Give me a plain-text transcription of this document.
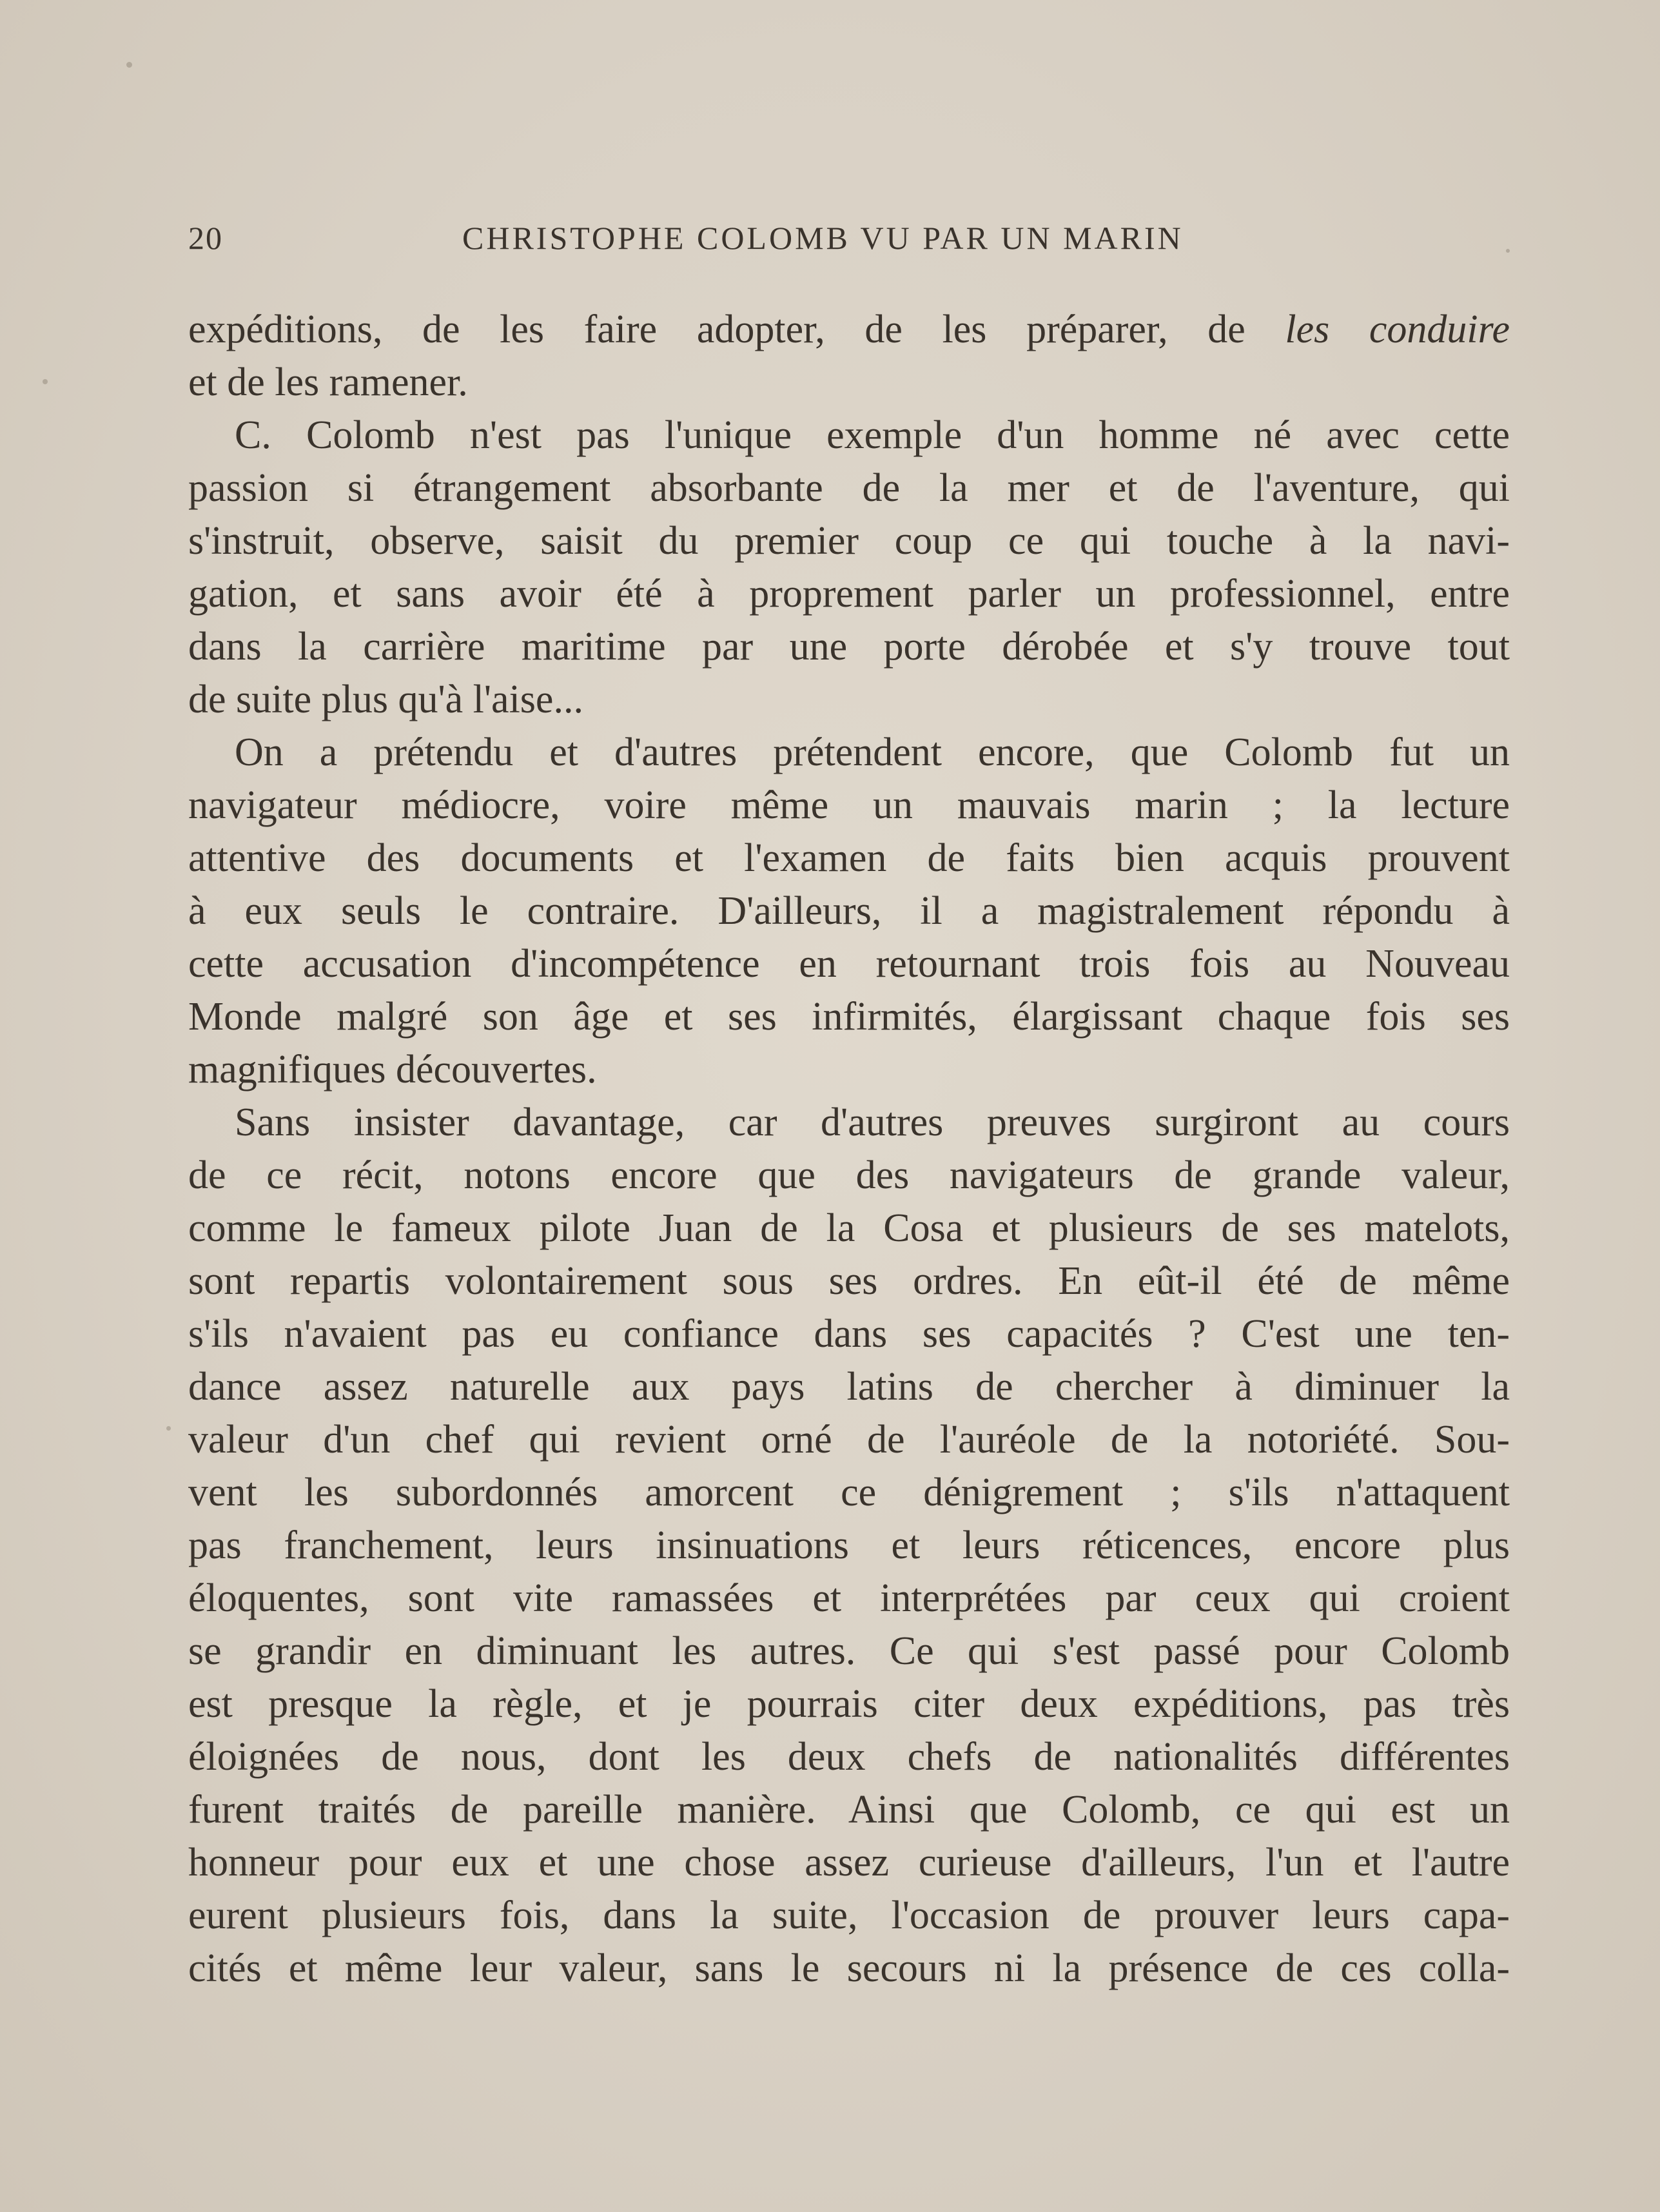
20	CHRISTOPHE COLOMB VU PAR UN MARIN
expéditions, de les faire adopter, de les préparer, de les conduire
et de les ramener.
C. Colomb n'est pas l'unique exemple d'un homme né avec cette
passion si étrangement absorbante de la mer et de l'aventure, qui
s'instruit, observe, saisit du premier coup ce qui touche à la navi-
gation, et sans avoir été à proprement parler un professionnel, entre
dans la carrière maritime par une porte dérobée et s'y trouve tout
de suite plus qu'à l'aise...
On a prétendu et d'autres prétendent encore, que Colomb fut un
navigateur médiocre, voire même un mauvais marin ; la lecture
attentive des documents et l'examen de faits bien acquis prouvent
à eux seuls le contraire. D'ailleurs, il a magistralement répondu à
cette accusation d'incompétence en retournant trois fois au Nouveau
Monde malgré son âge et ses infirmités, élargissant chaque fois ses
magnifiques découvertes.
Sans insister davantage, car d'autres preuves surgiront au cours
de ce récit, notons encore que des navigateurs de grande valeur,
comme le fameux pilote Juan de la Cosa et plusieurs de ses matelots,
sont repartis volontairement sous ses ordres. En eût-il été de même
s'ils n'avaient pas eu confiance dans ses capacités ? C'est une ten-
dance assez naturelle aux pays latins de chercher à diminuer la
valeur d'un chef qui revient orné de l'auréole de la notoriété. Sou-
vent les subordonnés amorcent ce dénigrement ; s'ils n'attaquent
pas franchement, leurs insinuations et leurs réticences, encore plus
éloquentes, sont vite ramassées et interprétées par ceux qui croient
se grandir en diminuant les autres. Ce qui s'est passé pour Colomb
est presque la règle, et je pourrais citer deux expéditions, pas très
éloignées de nous, dont les deux chefs de nationalités différentes
furent traités de pareille manière. Ainsi que Colomb, ce qui est un
honneur pour eux et une chose assez curieuse d'ailleurs, l'un et l'autre
eurent plusieurs fois, dans la suite, l'occasion de prouver leurs capa-
cités et même leur valeur, sans le secours ni la présence de ces colla-
